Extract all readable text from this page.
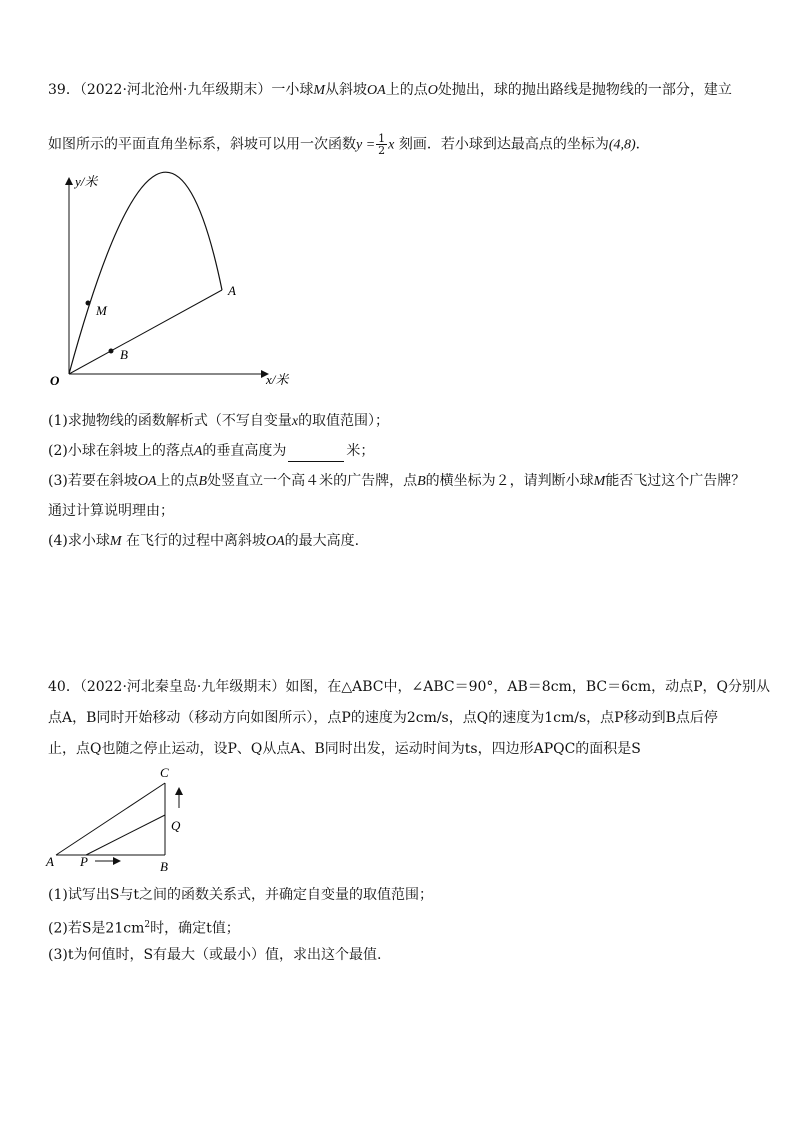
39．（2022·河北沧州·九年级期末）一小球M从斜坡OA上的点O处抛出，球的抛出路线是抛物线的一部分，建立
如图所示的平面直角坐标系，斜坡可以用一次函数$y = \frac{1}{2}$ x 刻画．若小球到达最高点的坐标为(4,8)．
y/米
x/米
O
A
M
B
(1)求抛物线的函数解析式（不写自变量x的取值范围）；
(2)小球在斜坡上的落点A的垂直高度为	米；
(3)若要在斜坡OA上的点B处竖直立一个高４米的广告牌，点B的横坐标为２，请判断小球M能否飞过这个广告牌？
通过计算说明理由；
(4)求小球M 在飞行的过程中离斜坡OA的最大高度.
40．（2022·河北秦皇岛·九年级期末）如图，在△ABC中，∠ABC＝90°，AB＝8cm，BC＝6cm，动点P，Q分别从
点A，B同时开始移动（移动方向如图所示），点P的速度为2cm/s，点Q的速度为1cm/s，点P移动到B点后停
止，点Q也随之停止运动，设P、Q从点A、B同时出发，运动时间为ts，四边形APQC的面积是S
A P	B
C
Q
(1)试写出S与t之间的函数关系式，并确定自变量的取值范围；
(2)若S是$21cm^2$时，确定t值；
(3)t为何值时，S有最大（或最小）值，求出这个最值.
